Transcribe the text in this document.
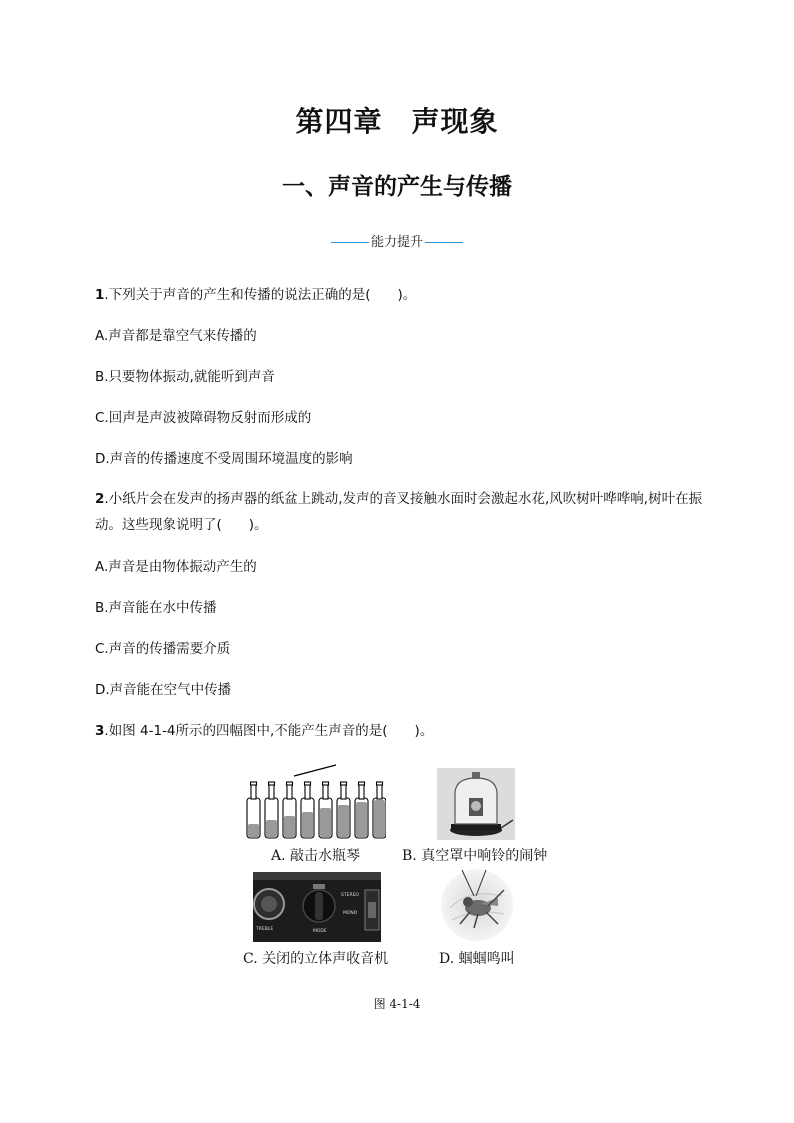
第四章　声现象
一、声音的产生与传播
能力提升
1.下列关于声音的产生和传播的说法正确的是(　　)。
A.声音都是靠空气来传播的
B.只要物体振动,就能听到声音
C.回声是声波被障碍物反射而形成的
D.声音的传播速度不受周围环境温度的影响
2.小纸片会在发声的扬声器的纸盆上跳动,发声的音叉接触水面时会激起水花,风吹树叶哗哗响,树叶在振动。这些现象说明了(　　)。
A.声音是由物体振动产生的
B.声音能在水中传播
C.声音的传播需要介质
D.声音能在空气中传播
3.如图 4-1-4所示的四幅图中,不能产生声音的是(　　)。
A. 敲击水瓶琴	B. 真空罩中响铃的闹钟
STEREO
MONO
TREBLE	MODE
C. 关闭的立体声收音机	D. 蝈蝈鸣叫
图 4-1-4
